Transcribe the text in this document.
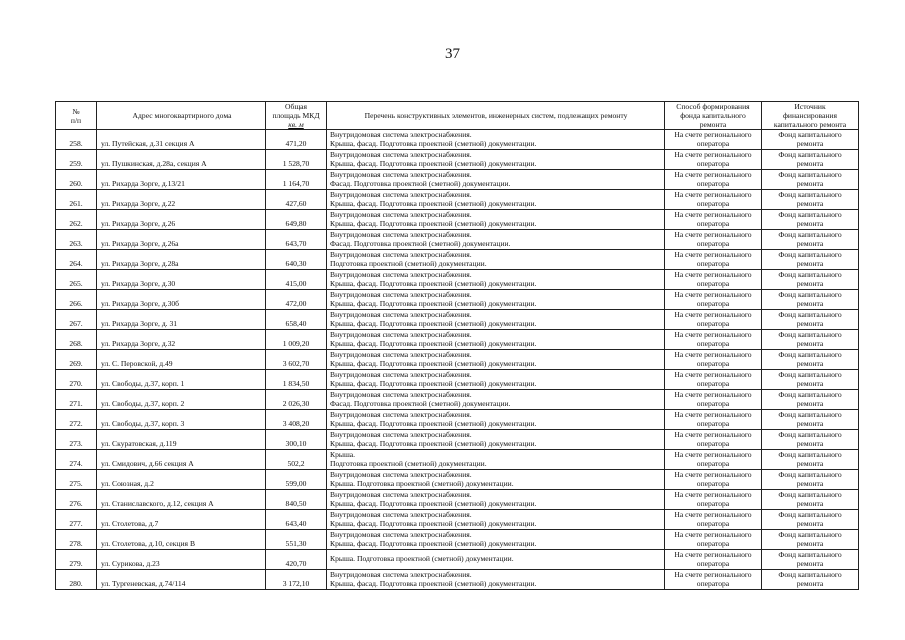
37
№
п/п	Адрес многоквартирного дома	Общая
площадь МКД
кв. м	Перечень конструктивных элементов, инженерных систем, подлежащих ремонту	Способ формирования
фонда капитального
ремонта	Источник
финансирования
капитального ремонта

258.	ул. Путейская, д.31 секция А	471,20	Внутридомовая система электроснабжения.
Крыша, фасад. Подготовка проектной (сметной) документации.	На счете регионального
оператора	Фонд капитального
ремонта

259.	ул. Пушкинская, д.28а, секция А	1 528,70	Внутридомовая система электроснабжения.
Крыша, фасад. Подготовка проектной (сметной) документации.	На счете регионального
оператора	Фонд капитального
ремонта

260.	ул. Рихарда Зорге, д.13/21	1 164,70	Внутридомовая система электроснабжения.
Фасад. Подготовка проектной (сметной) документации.	На счете регионального
оператора	Фонд капитального
ремонта

261.	ул. Рихарда Зорге, д.22	427,60	Внутридомовая система электроснабжения.
Крыша, фасад. Подготовка проектной (сметной) документации.	На счете регионального
оператора	Фонд капитального
ремонта

262.	ул. Рихарда Зорге, д.26	649,80	Внутридомовая система электроснабжения.
Крыша, фасад. Подготовка проектной (сметной) документации.	На счете регионального
оператора	Фонд капитального
ремонта

263.	ул. Рихарда Зорге, д.26а	643,70	Внутридомовая система электроснабжения.
Фасад. Подготовка проектной (сметной) документации.	На счете регионального
оператора	Фонд капитального
ремонта

264.	ул. Рихарда Зорге, д.28а	640,30	Внутридомовая система электроснабжения.
Подготовка проектной (сметной) документации.	На счете регионального
оператора	Фонд капитального
ремонта

265.	ул. Рихарда Зорге, д.30	415,00	Внутридомовая система электроснабжения.
Крыша, фасад. Подготовка проектной (сметной) документации.	На счете регионального
оператора	Фонд капитального
ремонта

266.	ул. Рихарда Зорге, д.30б	472,00	Внутридомовая система электроснабжения.
Крыша, фасад. Подготовка проектной (сметной) документации.	На счете регионального
оператора	Фонд капитального
ремонта

267.	ул. Рихарда Зорге, д. 31	658,40	Внутридомовая система электроснабжения.
Крыша, фасад. Подготовка проектной (сметной) документации.	На счете регионального
оператора	Фонд капитального
ремонта

268.	ул. Рихарда Зорге, д.32	1 009,20	Внутридомовая система электроснабжения.
Крыша, фасад. Подготовка проектной (сметной) документации.	На счете регионального
оператора	Фонд капитального
ремонта

269.	ул. С. Перовской, д.49	3 602,70	Внутридомовая система электроснабжения.
Крыша, фасад. Подготовка проектной (сметной) документации.	На счете регионального
оператора	Фонд капитального
ремонта

270.	ул. Свободы, д.37, корп. 1	1 834,50	Внутридомовая система электроснабжения.
Крыша, фасад. Подготовка проектной (сметной) документации.	На счете регионального
оператора	Фонд капитального
ремонта

271.	ул. Свободы, д.37, корп. 2	2 026,30	Внутридомовая система электроснабжения.
Фасад. Подготовка проектной (сметной) документации.	На счете регионального
оператора	Фонд капитального
ремонта

272.	ул. Свободы, д.37, корп. 3	3 408,20	Внутридомовая система электроснабжения.
Крыша, фасад. Подготовка проектной (сметной) документации.	На счете регионального
оператора	Фонд капитального
ремонта

273.	ул. Скуратовская, д.119	300,10	Внутридомовая система электроснабжения.
Крыша, фасад. Подготовка проектной (сметной) документации.	На счете регионального
оператора	Фонд капитального
ремонта

274.	ул. Смидович, д.66 секция А	502,2	Крыша.
Подготовка проектной (сметной) документации.	На счете регионального
оператора	Фонд капитального
ремонта

275.	ул. Союзная, д.2	599,00	Внутридомовая система электроснабжения.
Крыша. Подготовка проектной (сметной) документации.	На счете регионального
оператора	Фонд капитального
ремонта

276.	ул. Станиславского, д.12, секция А	840,50	Внутридомовая система электроснабжения.
Крыша, фасад. Подготовка проектной (сметной) документации.	На счете регионального
оператора	Фонд капитального
ремонта

277.	ул. Столетова, д.7	643,40	Внутридомовая система электроснабжения.
Крыша, фасад. Подготовка проектной (сметной) документации.	На счете регионального
оператора	Фонд капитального
ремонта

278.	ул. Столетова, д.10, секция В	551,30	Внутридомовая система электроснабжения.
Крыша, фасад. Подготовка проектной (сметной) документации.	На счете регионального
оператора	Фонд капитального
ремонта

279.	ул. Сурикова, д.23	420,70	Крыша. Подготовка проектной (сметной) документации.	На счете регионального
оператора	Фонд капитального
ремонта

280.	ул. Тургеневская, д.74/114	3 172,10	Внутридомовая система электроснабжения.
Крыша, фасад. Подготовка проектной (сметной) документации.	На счете регионального
оператора	Фонд капитального
ремонта
